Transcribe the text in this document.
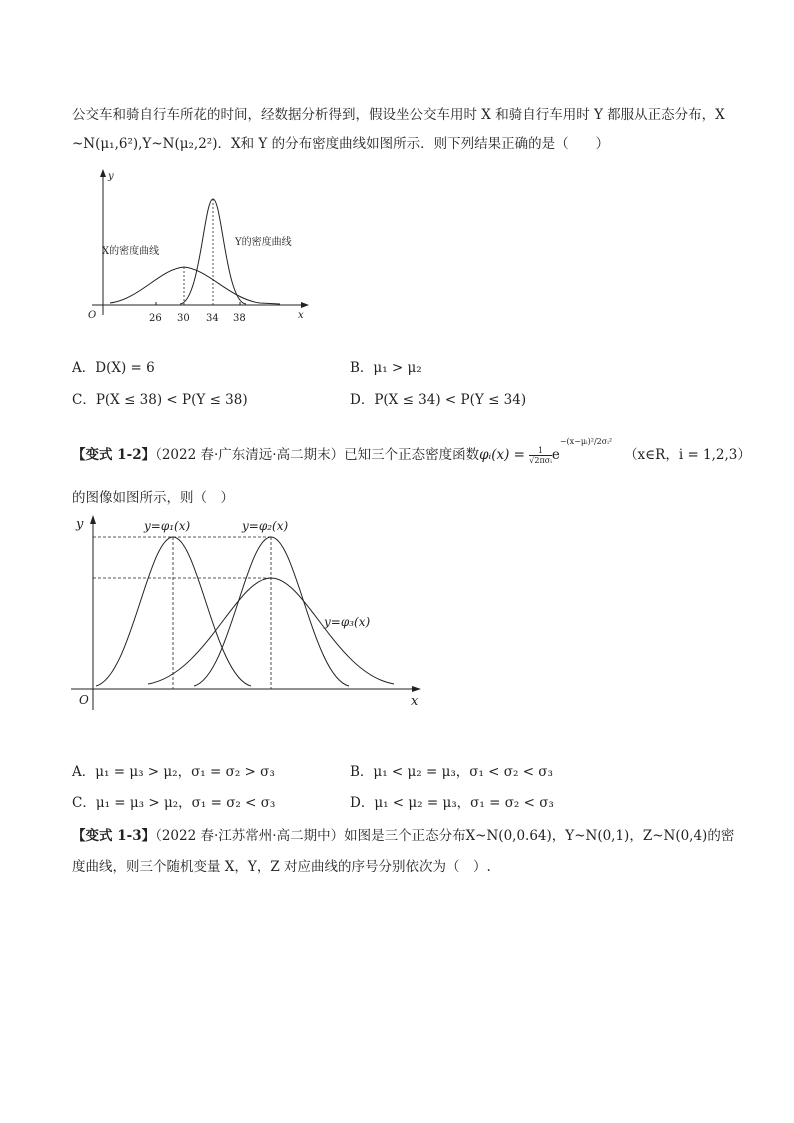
公交车和骑自行车所花的时间，经数据分析得到，假设坐公交车用时 X 和骑自行车用时 Y 都服从正态分布，X
~N(μ₁,6²),Y~N(μ₂,2²)．X和 Y 的分布密度曲线如图所示．则下列结果正确的是（　　）
y
x
O	26 30 34 38
X的密度曲线
Y的密度曲线
A．D(X) = 6	B．μ₁ > μ₂
C．P(X ≤ 38) < P(Y ≤ 38)	D．P(X ≤ 34) < P(Y ≤ 34)
【变式 1-2】（2022 春·广东清远·高二期末）已知三个正态密度函数φᵢ(x) =	1
√2πσᵢ $e^{-(x-\mu ᵢ)^2/2\sigma ᵢ^2}(x\in R$，i = 1,2,3）
的图像如图所示，则（　）
y
x
O
y=φ₁(x)	y=φ₂(x)
y=φ₃(x)
A．μ₁ = μ₃ > μ₂，σ₁ = σ₂ > σ₃	B．μ₁ < μ₂ = μ₃，σ₁ < σ₂ < σ₃
C．μ₁ = μ₃ > μ₂，σ₁ = σ₂ < σ₃	D．μ₁ < μ₂ = μ₃，σ₁ = σ₂ < σ₃
【变式 1-3】（2022 春·江苏常州·高二期中）如图是三个正态分布X~N(0,0.64)，Y~N(0,1)，Z~N(0,4)的密
度曲线，则三个随机变量 X，Y，Z 对应曲线的序号分别依次为（　）.
